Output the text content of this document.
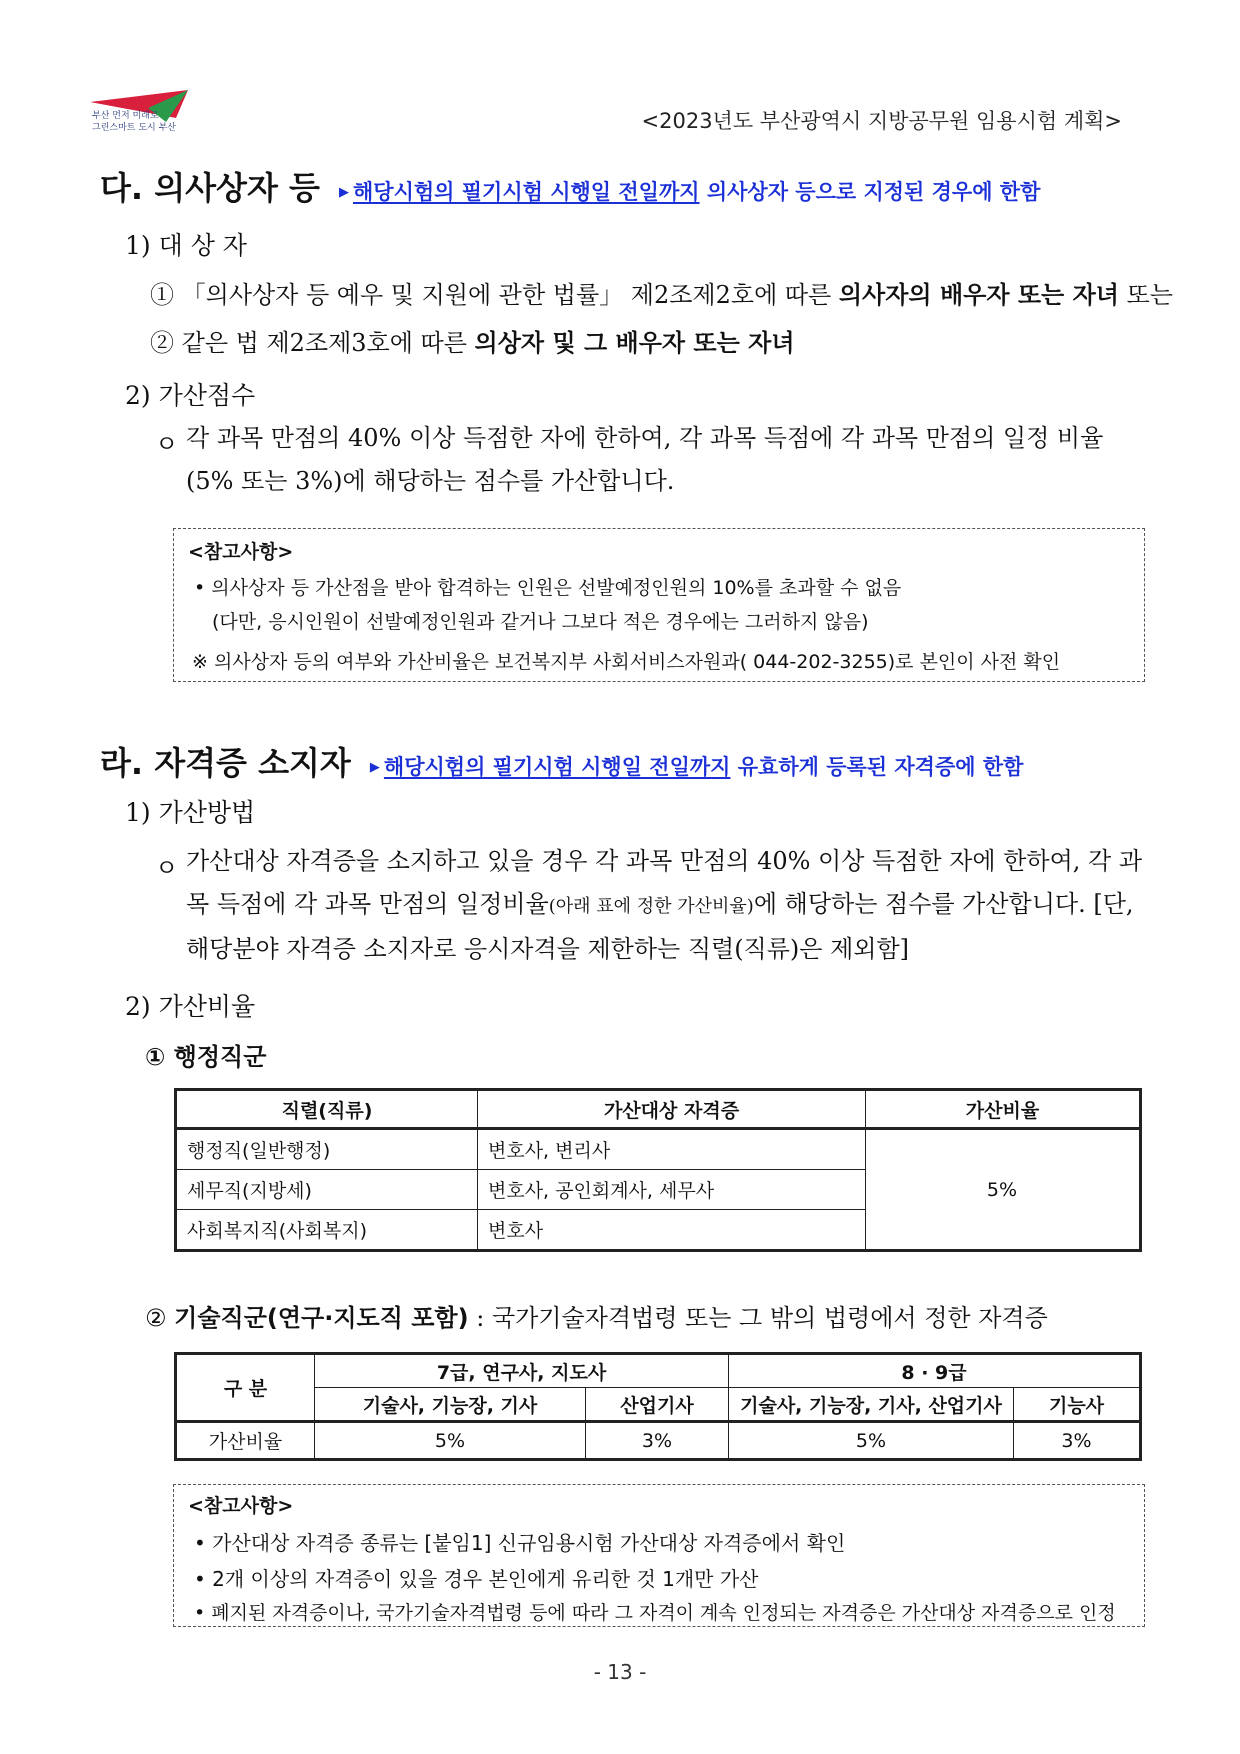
부산 먼저 미래로
그린스마트 도시 부산	<2023년도 부산광역시 지방공무원 임용시험 계획>
다. 의사상자 등 ▶ 해당시험의 필기시험 시행일 전일까지 의사상자 등으로 지정된 경우에 한함
1) 대 상 자
① 「의사상자 등 예우 및 지원에 관한 법률」 제2조제2호에 따른 의사자의 배우자 또는 자녀 또는
② 같은 법 제2조제3호에 따른 의상자 및 그 배우자 또는 자녀
2) 가산점수
ㅇ 각 과목 만점의 40% 이상 득점한 자에 한하여, 각 과목 득점에 각 과목 만점의 일정 비율(5% 또는 3%)에 해당하는 점수를 가산합니다.
<참고사항>
• 의사상자 등 가산점을 받아 합격하는 인원은 선발예정인원의 10%를 초과할 수 없음
(다만, 응시인원이 선발예정인원과 같거나 그보다 적은 경우에는 그러하지 않음)
※ 의사상자 등의 여부와 가산비율은 보건복지부 사회서비스자원과( 044-202-3255)로 본인이 사전 확인
라. 자격증 소지자 ▶ 해당시험의 필기시험 시행일 전일까지 유효하게 등록된 자격증에 한함
1) 가산방법
ㅇ 가산대상 자격증을 소지하고 있을 경우 각 과목 만점의 40% 이상 득점한 자에 한하여, 각 과목 득점에 각 과목 만점의 일정비율(아래 표에 정한 가산비율)에 해당하는 점수를 가산합니다. [단, 해당분야 자격증 소지자로 응시자격을 제한하는 직렬(직류)은 제외함]
2) 가산비율
① 행정직군
직렬(직류)	가산대상 자격증	가산비율
행정직(일반행정)	변호사, 변리사	5%
세무직(지방세)	변호사, 공인회계사, 세무사	
사회복지직(사회복지)	변호사	
② 기술직군(연구·지도직 포함) : 국가기술자격법령 또는 그 밖의 법령에서 정한 자격증
구 분	7급, 연구사, 지도사		8 · 9급	
	기술사, 기능장, 기사	산업기사	기술사, 기능장, 기사, 산업기사	기능사
가산비율	5%	3%	5%	3%
<참고사항>
• 가산대상 자격증 종류는 [붙임1] 신규임용시험 가산대상 자격증에서 확인
• 2개 이상의 자격증이 있을 경우 본인에게 유리한 것 1개만 가산
• 폐지된 자격증이나, 국가기술자격법령 등에 따라 그 자격이 계속 인정되는 자격증은 가산대상 자격증으로 인정
- 13 -
